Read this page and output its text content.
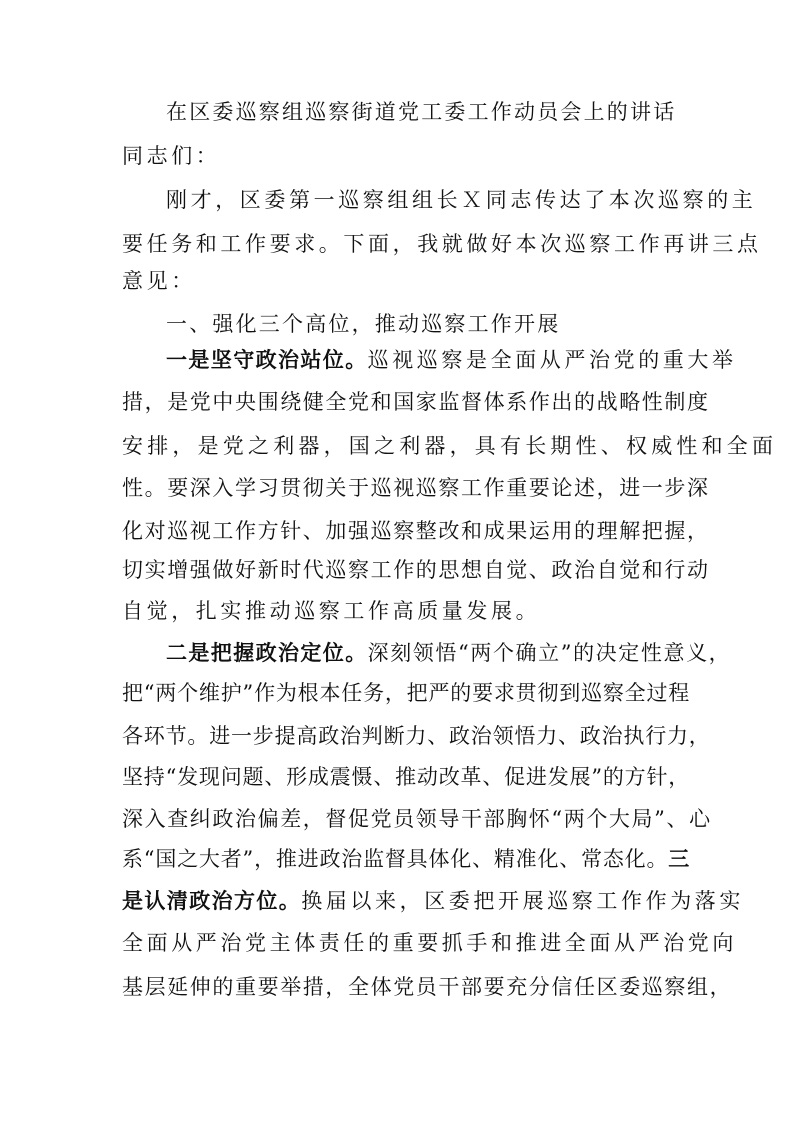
在区委巡察组巡察街道党工委工作动员会上的讲话
同志们：
刚才，区委第一巡察组组长Ｘ同志传达了本次巡察的主
要任务和工作要求。下面，我就做好本次巡察工作再讲三点
意见：
一、强化三个高位，推动巡察工作开展
一是坚守政治站位。巡视巡察是全面从严治党的重大举
措，是党中央围绕健全党和国家监督体系作出的战略性制度
安排，是党之利器，国之利器，具有长期性、权威性和全面
性。要深入学习贯彻关于巡视巡察工作重要论述，进一步深
化对巡视工作方针、加强巡察整改和成果运用的理解把握，
切实增强做好新时代巡察工作的思想自觉、政治自觉和行动
自觉，扎实推动巡察工作高质量发展。
二是把握政治定位。深刻领悟“两个确立”的决定性意义，
把“两个维护”作为根本任务，把严的要求贯彻到巡察全过程
各环节。进一步提高政治判断力、政治领悟力、政治执行力，
坚持“发现问题、形成震慑、推动改革、促进发展”的方针，
深入查纠政治偏差，督促党员领导干部胸怀“两个大局”、心
系“国之大者”，推进政治监督具体化、精准化、常态化。三
是认清政治方位。换届以来，区委把开展巡察工作作为落实
全面从严治党主体责任的重要抓手和推进全面从严治党向
基层延伸的重要举措，全体党员干部要充分信任区委巡察组，
